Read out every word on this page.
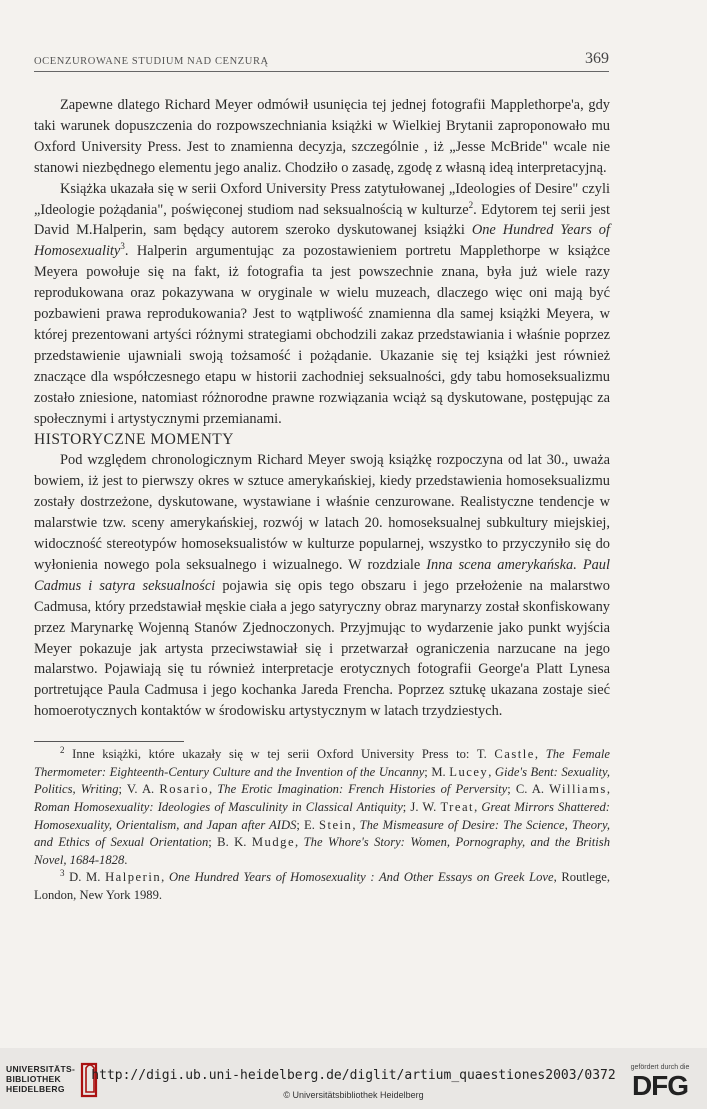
OCENZUROWANE STUDIUM NAD CENZURĄ	369

Zapewne dlatego Richard Meyer odmówił usunięcia tej jednej fotografii Mapplethorpe'a, gdy taki warunek dopuszczenia do rozpowszechniania książki w Wielkiej Brytanii zaproponowało mu Oxford University Press. Jest to znamienna decyzja, szczególnie , iż „Jesse McBride" wcale nie stanowi niezbędnego elementu jego analiz. Chodziło o zasadę, zgodę z własną ideą interpretacyjną.

Książka ukazała się w serii Oxford University Press zatytułowanej „Ideologies of Desire" czyli „Ideologie pożądania", poświęconej studiom nad seksualnością w kulturze$^2$. Edytorem tej serii jest David M.Halperin, sam będący autorem szeroko dyskutowanej książki One Hundred Years of Homosexuality$^3$. Halperin argumentując za pozostawieniem portretu Mapplethorpe w książce Meyera powołuje się na fakt, iż fotografia ta jest powszechnie znana, była już wiele razy reprodukowana oraz pokazywana w oryginale w wielu muzeach, dlaczego więc oni mają być pozbawieni prawa reprodukowania? Jest to wątpliwość znamienna dla samej książki Meyera, w której prezentowani artyści różnymi strategiami obchodzili zakaz przedstawiania i właśnie poprzez przedstawienie ujawniali swoją tożsamość i pożądanie. Ukazanie się tej książki jest również znaczące dla współczesnego etapu w historii zachodniej seksualności, gdy tabu homoseksualizmu zostało zniesione, natomiast różnorodne prawne rozwiązania wciąż są dyskutowane, postępując za społecznymi i artystycznymi przemianami.

HISTORYCZNE MOMENTY

Pod względem chronologicznym Richard Meyer swoją książkę rozpoczyna od lat 30., uważa bowiem, iż jest to pierwszy okres w sztuce amerykańskiej, kiedy przedstawienia homoseksualizmu zostały dostrzeżone, dyskutowane, wystawiane i właśnie cenzurowane. Realistyczne tendencje w malarstwie tzw. sceny amerykańskiej, rozwój w latach 20. homoseksualnej subkultury miejskiej, widoczność stereotypów homoseksualistów w kulturze popularnej, wszystko to przyczyniło się do wyłonienia nowego pola seksualnego i wizualnego. W rozdziale Inna scena amerykańska. Paul Cadmus i satyra seksualności pojawia się opis tego obszaru i jego przełożenie na malarstwo Cadmusa, który przedstawiał męskie ciała a jego satyryczny obraz marynarzy został skonfiskowany przez Marynarkę Wojenną Stanów Zjednoczonych. Przyjmując to wydarzenie jako punkt wyjścia Meyer pokazuje jak artysta przeciwstawiał się i przetwarzał ograniczenia narzucane na jego malarstwo. Pojawiają się tu również interpretacje erotycznych fotografii George'a Platt Lynesa portretujące Paula Cadmusa i jego kochanka Jareda Frencha. Poprzez sztukę ukazana zostaje sieć homoerotycznych kontaktów w środowisku artystycznym w latach trzydziestych.

$^2$ Inne książki, które ukazały się w tej serii Oxford University Press to: T. Castle, The Female Thermometer: Eighteenth-Century Culture and the Invention of the Uncanny; M. Lucey, Gide's Bent: Sexuality, Politics, Writing; V. A. Rosario, The Erotic Imagination: French Histories of Perversity; C. A. Williams, Roman Homosexuality: Ideologies of Masculinity in Classical Antiquity; J. W. Treat, Great Mirrors Shattered: Homosexuality, Orientalism, and Japan after AIDS; E. Stein, The Mismeasure of Desire: The Science, Theory, and Ethics of Sexual Orientation; B. K. Mudge, The Whore's Story: Women, Pornography, and the British Novel, 1684-1828.

$^3$ D. M. Halperin, One Hundred Years of Homosexuality : And Other Essays on Greek Love, Routlege, London, New York 1989.

UNIVERSITÄTS-
BIBLIOTHEK
HEIDELBERG
http://digi.ub.uni-heidelberg.de/diglit/artium_quaestiones2003/0372
© Universitätsbibliothek Heidelberg
gefördert durch die
DFG
